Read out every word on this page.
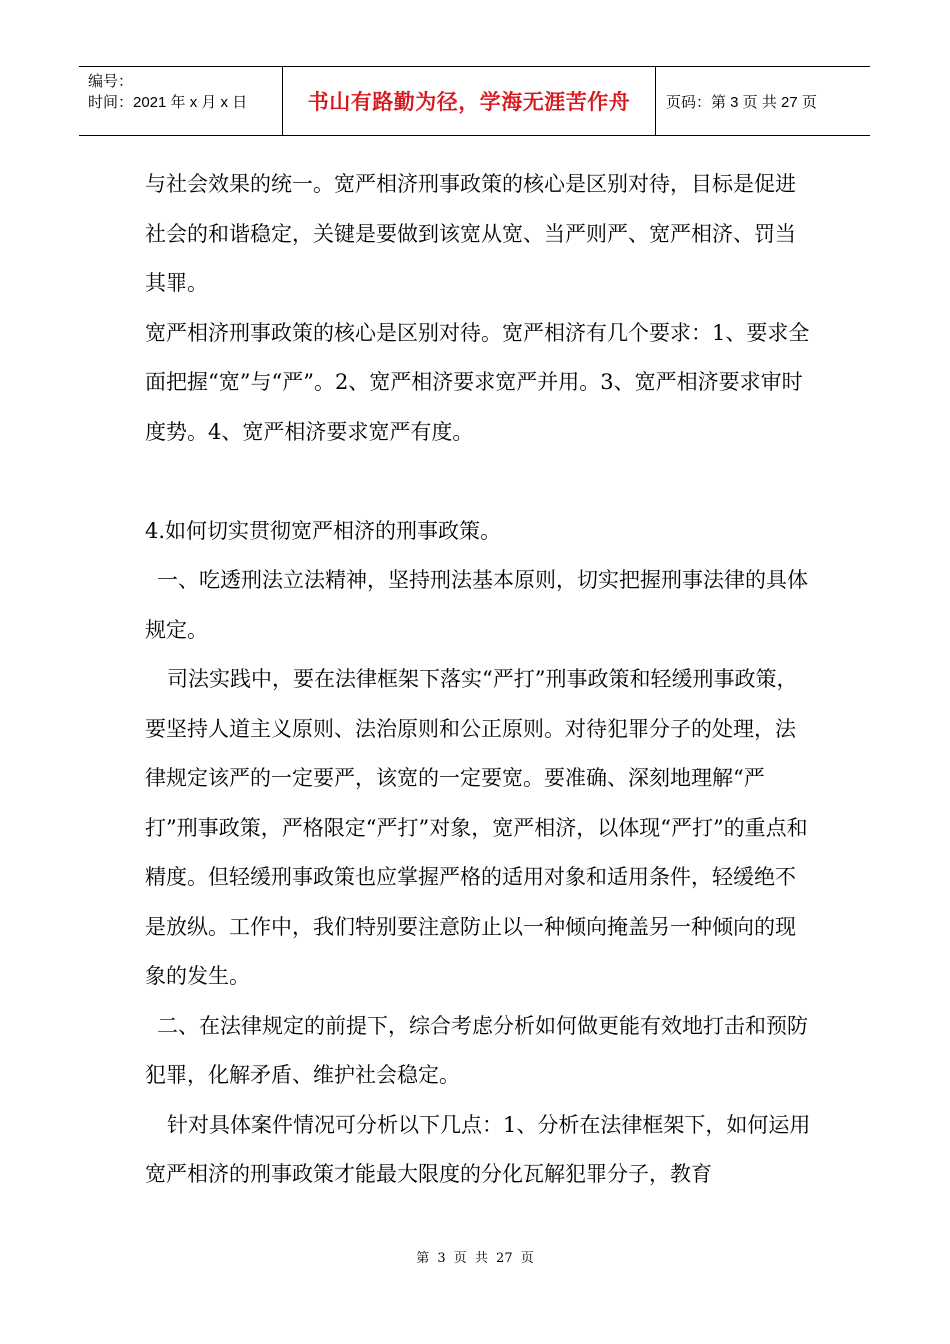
编号：
时间：2021 年 x 月 x 日	书山有路勤为径，学海无涯苦作舟 页码：第 3 页 共 27 页

与社会效果的统一。宽严相济刑事政策的核心是区别对待，目标是促进社会的和谐稳定，关键是要做到该宽从宽、当严则严、宽严相济、罚当其罪。

宽严相济刑事政策的核心是区别对待。宽严相济有几个要求：1、要求全面把握“宽”与“严”。2、宽严相济要求宽严并用。3、宽严相济要求审时度势。4、宽严相济要求宽严有度。

4.如何切实贯彻宽严相济的刑事政策。

一、吃透刑法立法精神，坚持刑法基本原则，切实把握刑事法律的具体规定。

司法实践中，要在法律框架下落实“严打”刑事政策和轻缓刑事政策，要坚持人道主义原则、法治原则和公正原则。对待犯罪分子的处理，法律规定该严的一定要严，该宽的一定要宽。要准确、深刻地理解“严打”刑事政策，严格限定“严打”对象，宽严相济，以体现“严打”的重点和精度。但轻缓刑事政策也应掌握严格的适用对象和适用条件，轻缓绝不是放纵。工作中，我们特别要注意防止以一种倾向掩盖另一种倾向的现象的发生。

二、在法律规定的前提下，综合考虑分析如何做更能有效地打击和预防犯罪，化解矛盾、维护社会稳定。

针对具体案件情况可分析以下几点：1、分析在法律框架下，如何运用宽严相济的刑事政策才能最大限度的分化瓦解犯罪分子，教育

第 3 页 共 27 页
